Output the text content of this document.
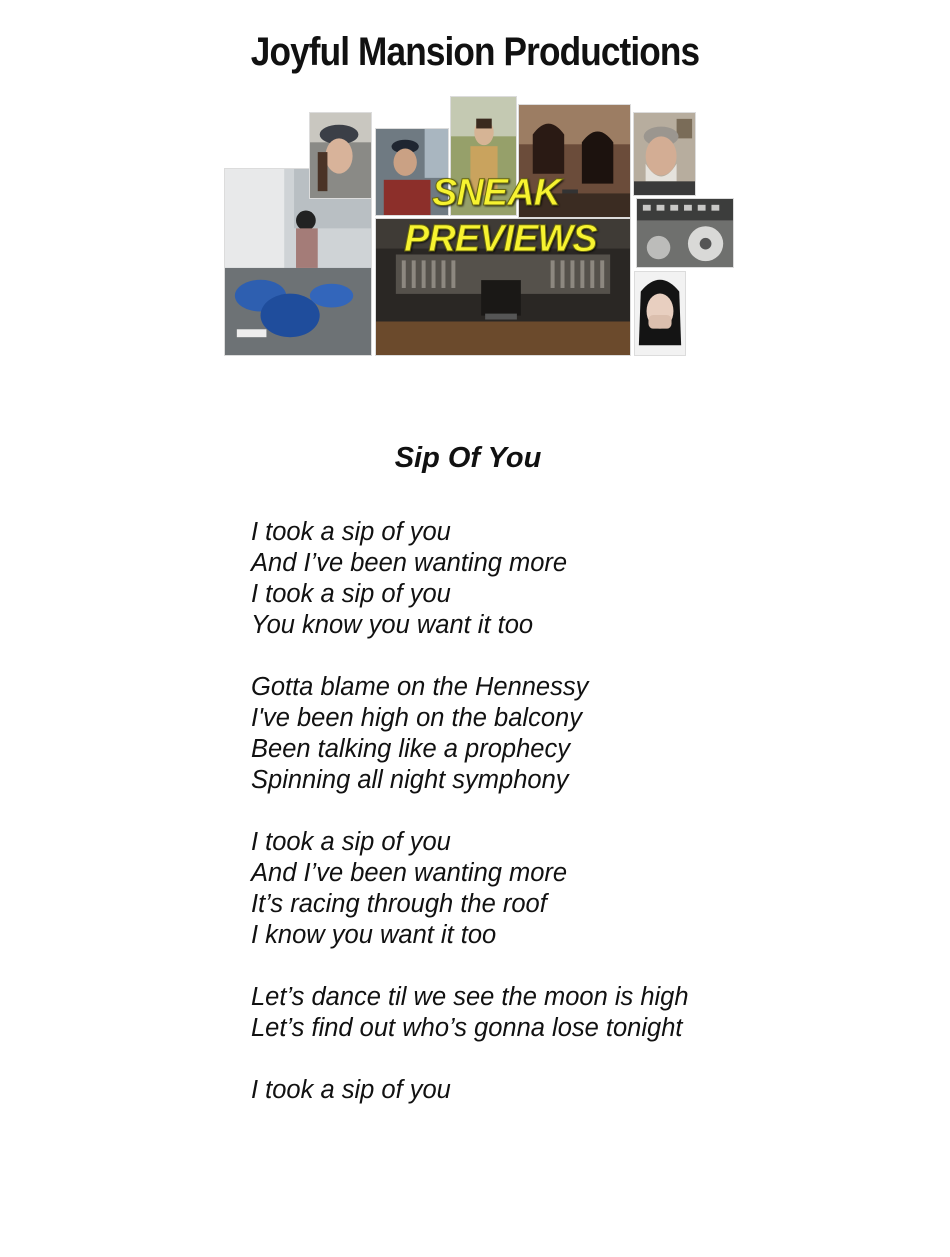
Joyful Mansion Productions
SNEAK
PREVIEWS
Sip Of You
I took a sip of you
And I’ve been wanting more
I took a sip of you
You know you want it too
Gotta blame on the Hennessy
I've been high on the balcony
Been talking like a prophecy
Spinning all night symphony
I took a sip of you
And I’ve been wanting more
It’s racing through the roof
I know you want it too
Let’s dance til we see the moon is high
Let’s find out who’s gonna lose tonight
I took a sip of you
